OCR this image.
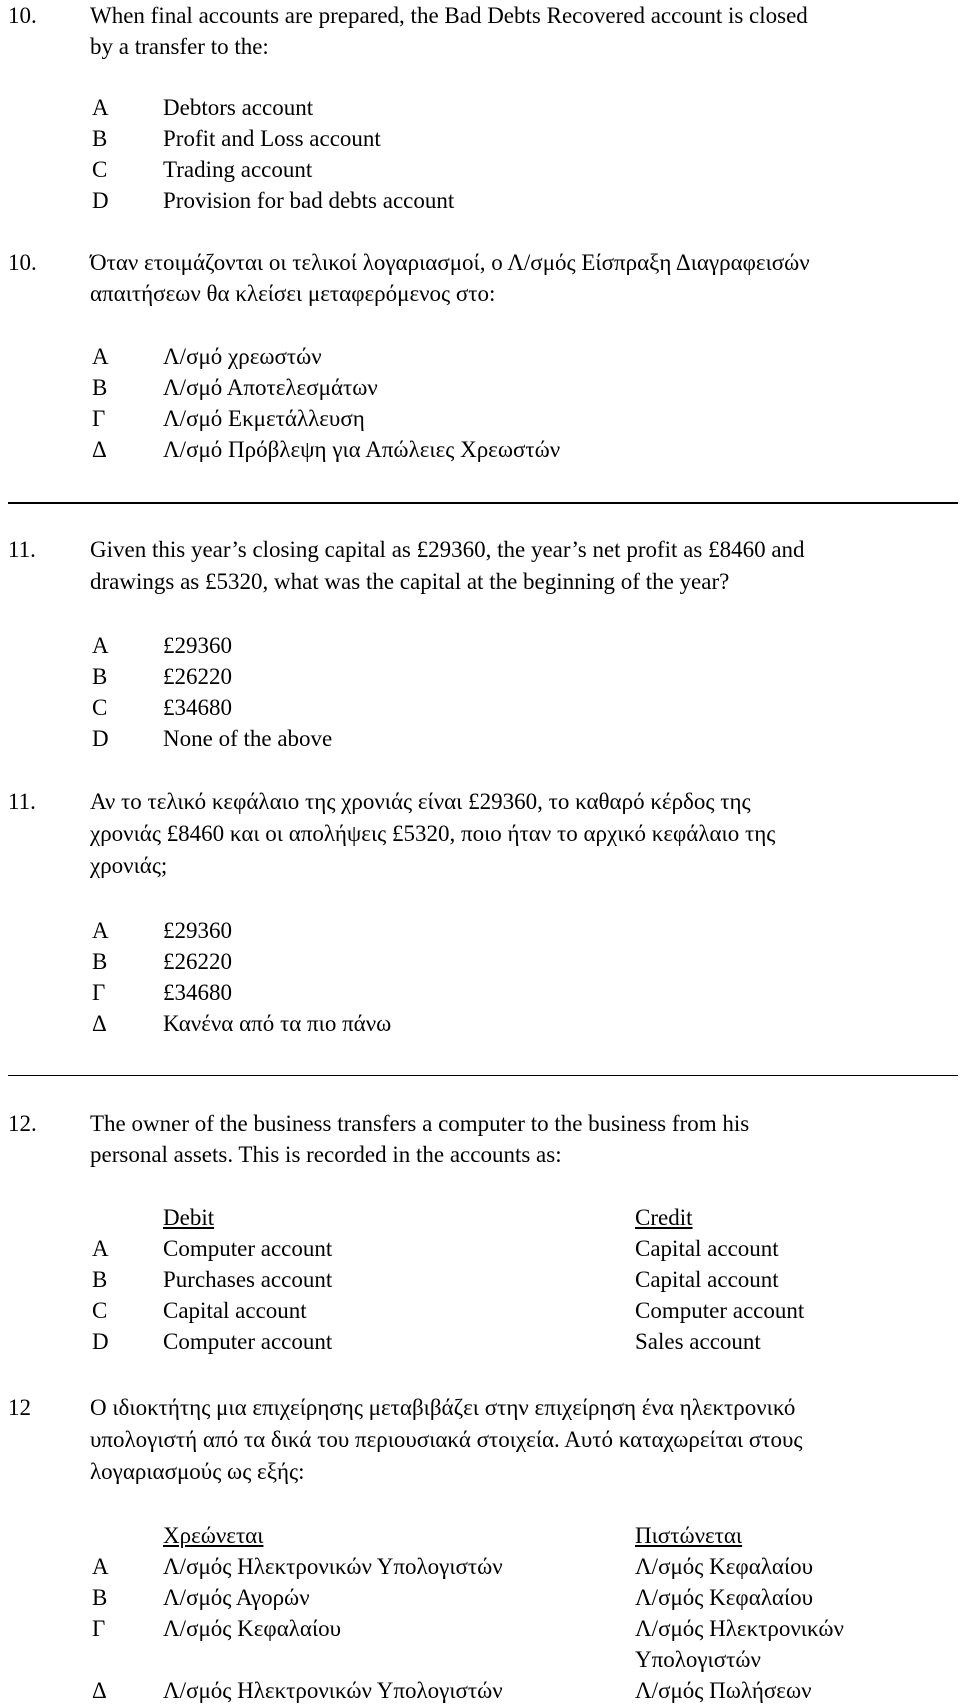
10. When final accounts are prepared, the Bad Debts Recovered account is closed
by a transfer to the:
A Debtors account
B Profit and Loss account
C Trading account
D Provision for bad debts account
10. Όταν ετοιμάζονται οι τελικοί λογαριασμοί, ο Λ/σμός Είσπραξη Διαγραφεισών
απαιτήσεων θα κλείσει μεταφερόμενος στο:
Α Λ/σμό χρεωστών
Β Λ/σμό Αποτελεσμάτων
Γ	Λ/σμό Εκμετάλλευση
Δ Λ/σμό Πρόβλεψη για Απώλειες Χρεωστών
11. Given this year’s closing capital as £29360, the year’s net profit as £8460 and
drawings as £5320, what was the capital at the beginning of the year?
A £29360
B £26220
C £34680
D None of the above
11. Αν το τελικό κεφάλαιο της χρονιάς είναι £29360, το καθαρό κέρδος της
χρονιάς £8460 και οι απολήψεις £5320, ποιο ήταν το αρχικό κεφάλαιο της
χρονιάς;
Α £29360
Β £26220
Γ	£34680
Δ Κανένα από τα πιο πάνω
12. The owner of the business transfers a computer to the business from his
personal assets. This is recorded in the accounts as:
Debit	Credit
A Computer account	Capital account
B Purchases account	Capital account
C Capital account	Computer account
D Computer account	Sales account
12	Ο ιδιοκτήτης μια επιχείρησης μεταβιβάζει στην επιχείρηση ένα ηλεκτρονικό
υπολογιστή από τα δικά του περιουσιακά στοιχεία. Αυτό καταχωρείται στους
λογαριασμούς ως εξής:
Χρεώνεται	Πιστώνεται
Α Λ/σμός Ηλεκτρονικών Υπολογιστών	Λ/σμός Κεφαλαίου
Β Λ/σμός Αγορών	Λ/σμός Κεφαλαίου
Γ	Λ/σμός Κεφαλαίου	Λ/σμός Ηλεκτρονικών
Υπολογιστών
Δ Λ/σμός Ηλεκτρονικών Υπολογιστών	Λ/σμός Πωλήσεων
